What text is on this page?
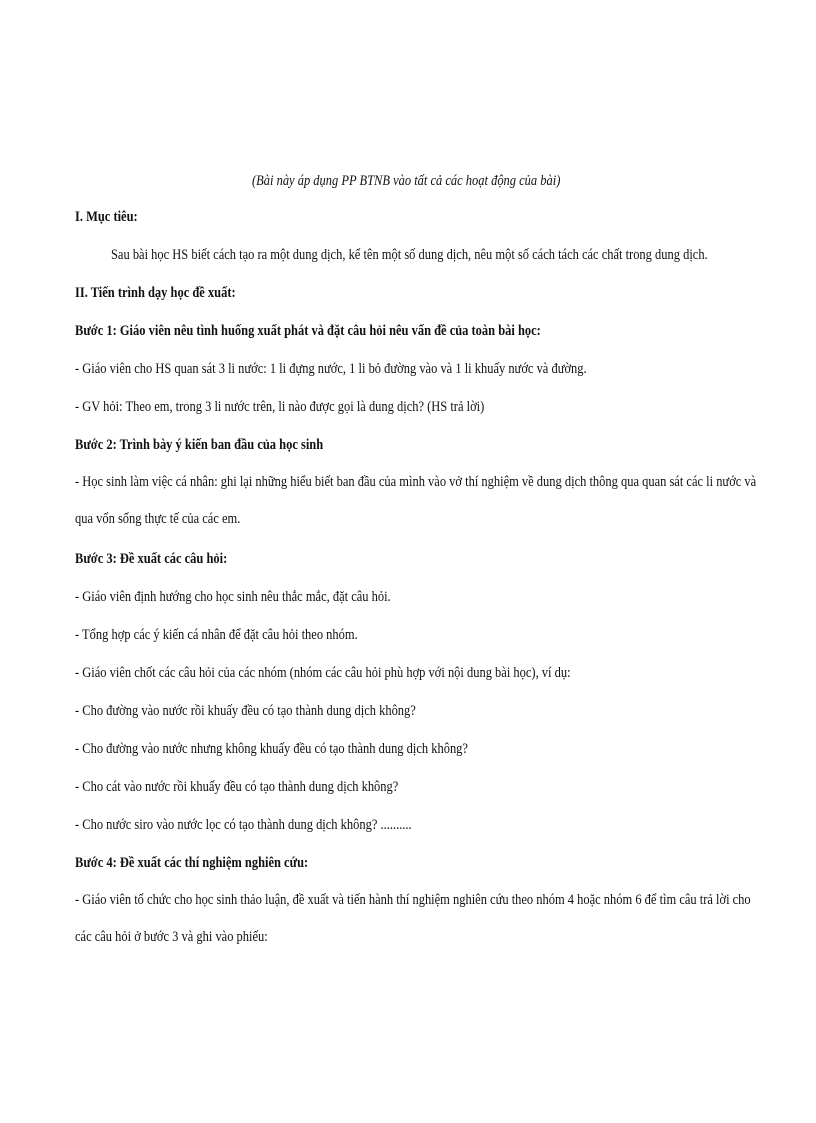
(Bài này áp dụng PP BTNB vào tất cả các hoạt động của bài)
I. Mục tiêu:
Sau bài học HS biết cách tạo ra một dung dịch, kể tên một số dung dịch, nêu một số cách tách các chất trong dung dịch.
II. Tiến trình dạy học đề xuất:
Bước 1: Giáo viên nêu tình huống xuất phát và đặt câu hỏi nêu vấn đề của toàn bài học:
- Giáo viên cho HS quan sát 3 li nước: 1 li đựng nước, 1 li bỏ đường vào và 1 li khuấy nước và đường.
- GV hỏi: Theo em, trong 3 li nước trên, li nào được gọi là dung dịch? (HS trả lời)
Bước 2: Trình bày ý kiến ban đầu của học sinh
- Học sinh làm việc cá nhân: ghi lại những hiểu biết ban đầu của mình vào vở thí nghiệm về dung dịch thông qua quan sát các li nước và qua vốn sống thực tế của các em.
Bước 3: Đề xuất các câu hỏi:
- Giáo viên định hướng cho học sinh nêu thắc mắc, đặt câu hỏi.
- Tổng hợp các ý kiến cá nhân để đặt câu hỏi theo nhóm.
- Giáo viên chốt các câu hỏi của các nhóm (nhóm các câu hỏi phù hợp với nội dung bài học), ví dụ:
- Cho đường vào nước rồi khuấy đều có tạo thành dung dịch không?
- Cho đường vào nước nhưng không khuấy đều có tạo thành dung dịch không?
- Cho cát vào nước rồi khuấy đều có tạo thành dung dịch không?
- Cho nước siro vào nước lọc có tạo thành dung dịch không? ..........
Bước 4: Đề xuất các thí nghiệm nghiên cứu:
- Giáo viên tổ chức cho học sinh thảo luận, đề xuất và tiến hành thí nghiệm nghiên cứu theo nhóm 4 hoặc nhóm 6 để tìm câu trả lời cho các câu hỏi ở bước 3 và ghi vào phiếu:
